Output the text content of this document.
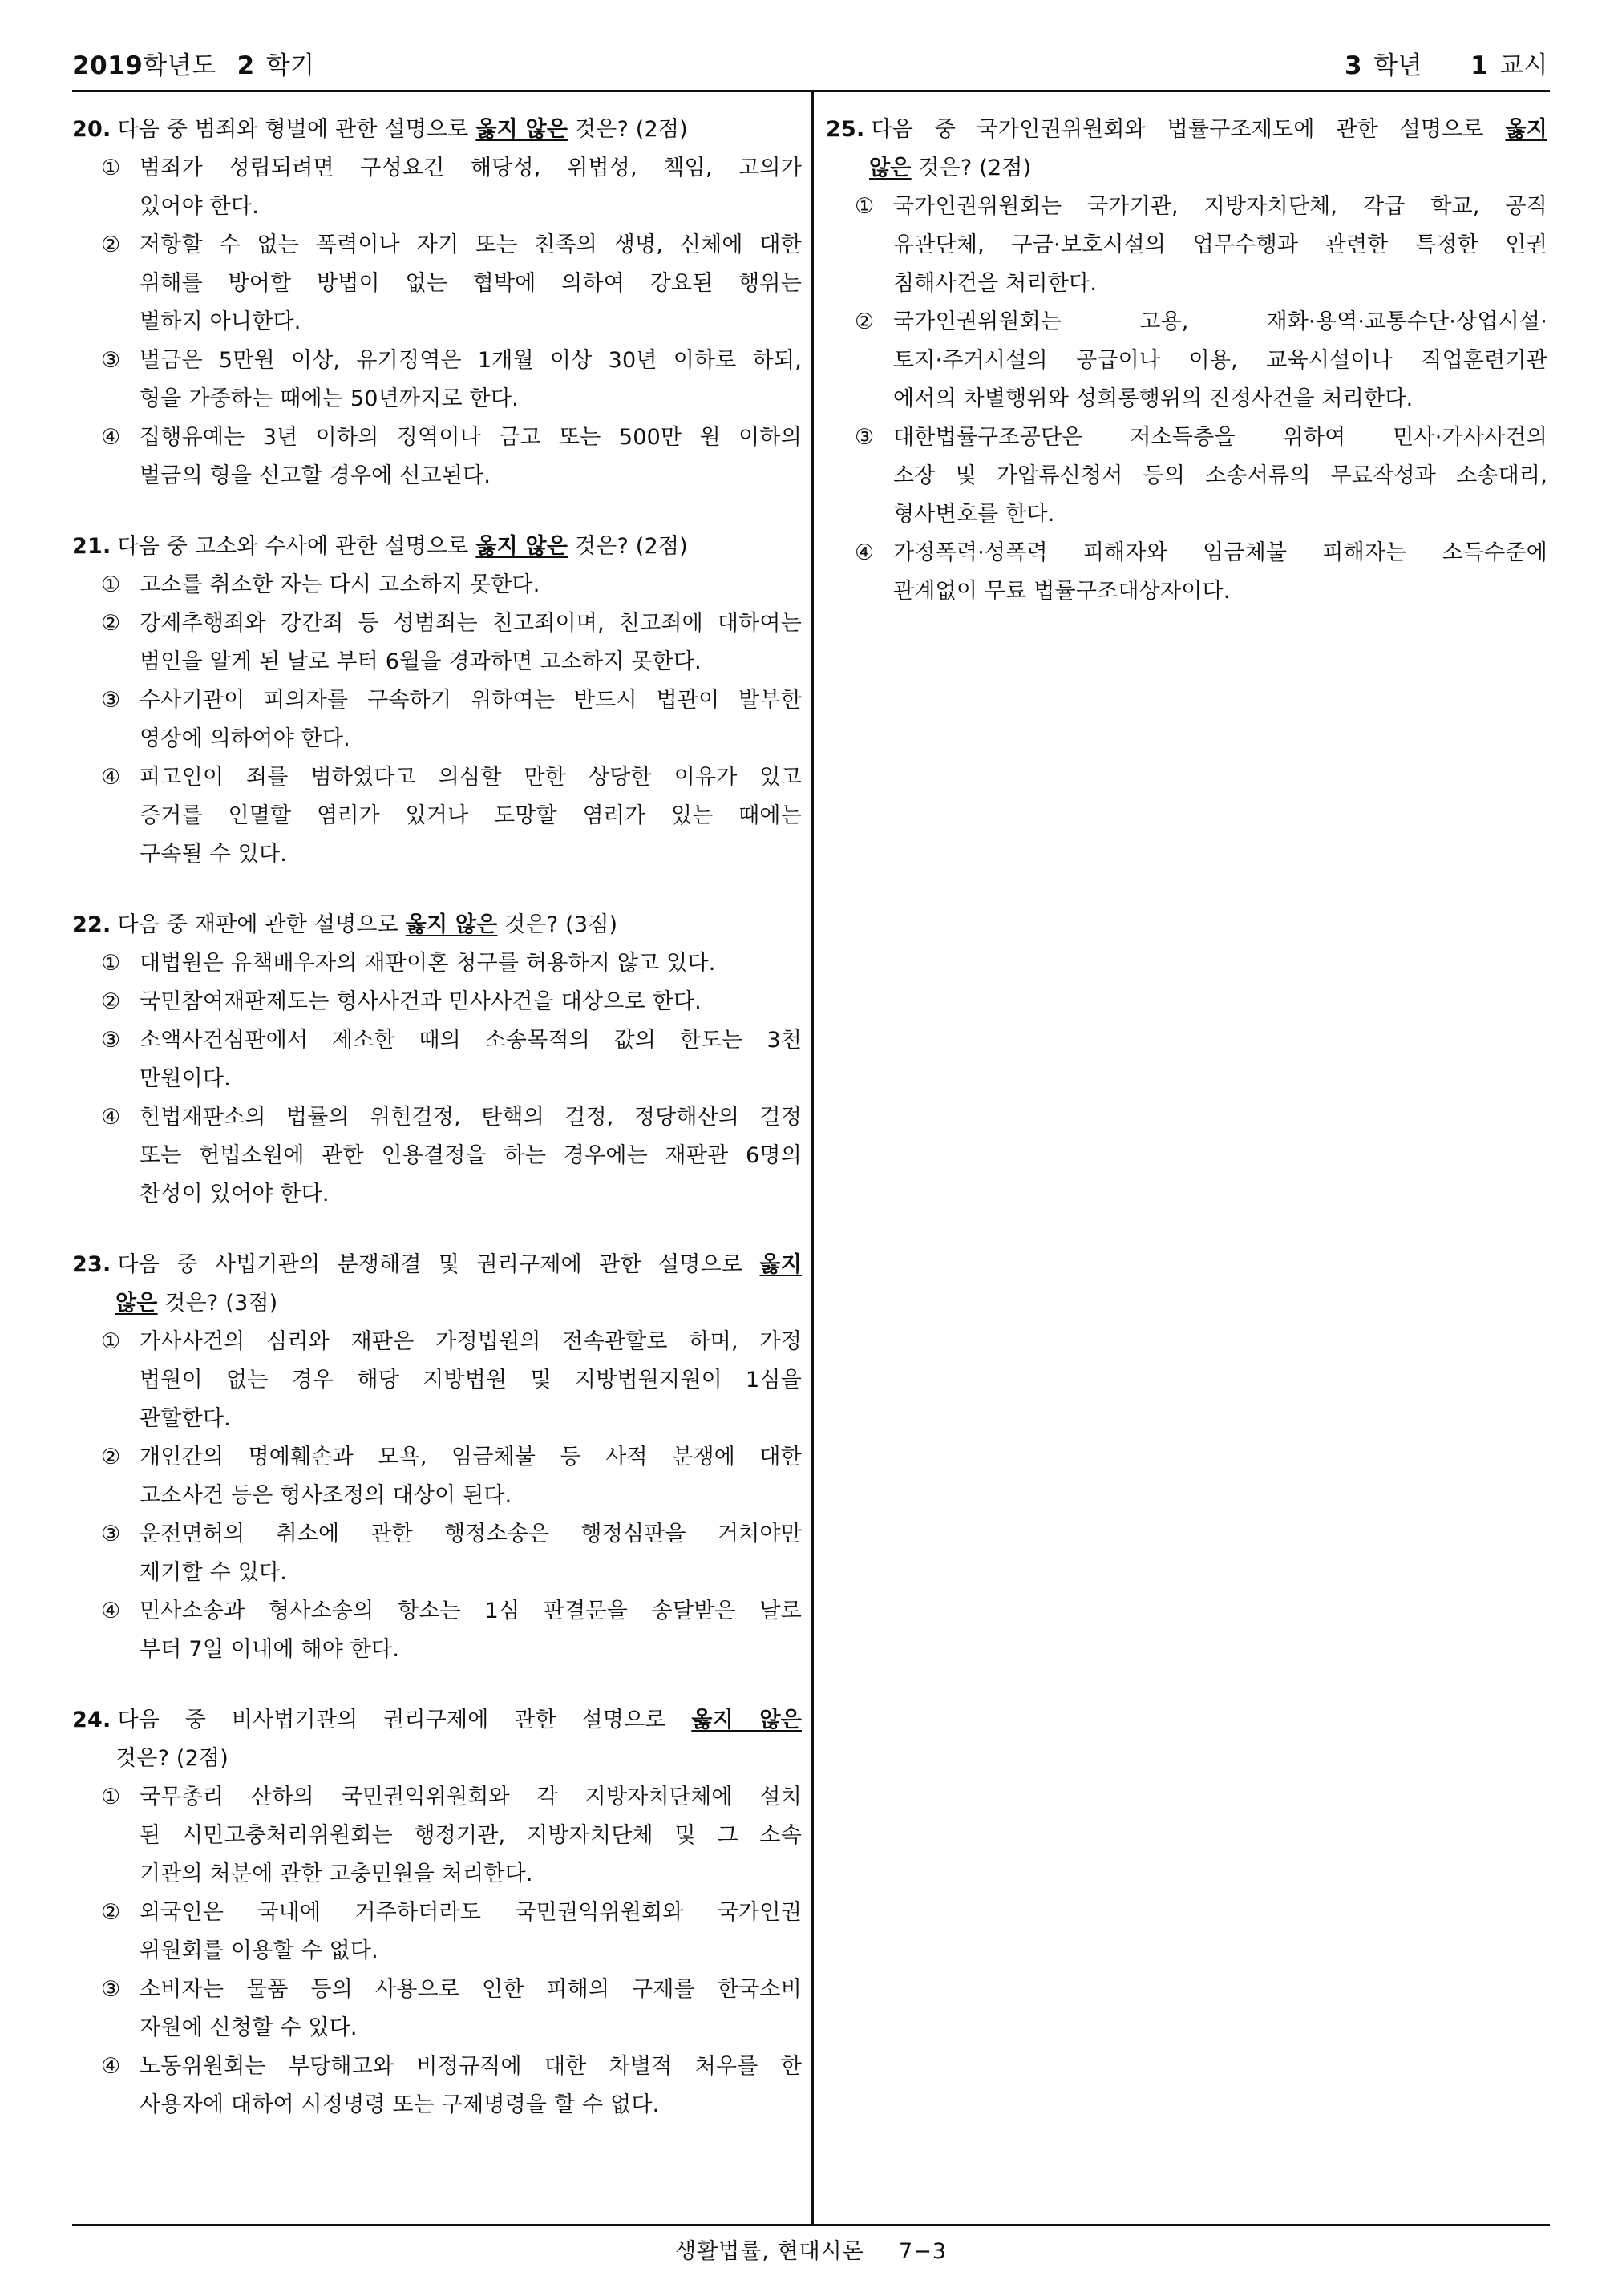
2019학년도 2 학기	3 학년 1 교시
20. 다음 중 범죄와 형벌에 관한 설명으로 옳지 않은 것은? (2점)
① 범죄가 성립되려면 구성요건 해당성, 위법성, 책임, 고의가
있어야 한다.
② 저항할 수 없는 폭력이나 자기 또는 친족의 생명, 신체에 대한
위해를 방어할 방법이 없는 협박에 의하여 강요된 행위는
벌하지 아니한다.
③ 벌금은 5만원 이상, 유기징역은 1개월 이상 30년 이하로 하되,
형을 가중하는 때에는 50년까지로 한다.
④ 집행유예는 3년 이하의 징역이나 금고 또는 500만 원 이하의
벌금의 형을 선고할 경우에 선고된다.
21. 다음 중 고소와 수사에 관한 설명으로 옳지 않은 것은? (2점)
① 고소를 취소한 자는 다시 고소하지 못한다.
② 강제추행죄와 강간죄 등 성범죄는 친고죄이며, 친고죄에 대하여는
범인을 알게 된 날로 부터 6월을 경과하면 고소하지 못한다.
③ 수사기관이 피의자를 구속하기 위하여는 반드시 법관이 발부한
영장에 의하여야 한다.
④ 피고인이 죄를 범하였다고 의심할 만한 상당한 이유가 있고
증거를 인멸할 염려가 있거나 도망할 염려가 있는 때에는
구속될 수 있다.
22. 다음 중 재판에 관한 설명으로 옳지 않은 것은? (3점)
① 대법원은 유책배우자의 재판이혼 청구를 허용하지 않고 있다.
② 국민참여재판제도는 형사사건과 민사사건을 대상으로 한다.
③ 소액사건심판에서 제소한 때의 소송목적의 값의 한도는 3천
만원이다.
④ 헌법재판소의 법률의 위헌결정, 탄핵의 결정, 정당해산의 결정
또는 헌법소원에 관한 인용결정을 하는 경우에는 재판관 6명의
찬성이 있어야 한다.
23. 다음 중 사법기관의 분쟁해결 및 권리구제에 관한 설명으로 옳지
않은 것은? (3점)
① 가사사건의 심리와 재판은 가정법원의 전속관할로 하며, 가정
법원이 없는 경우 해당 지방법원 및 지방법원지원이 1심을
관할한다.
② 개인간의 명예훼손과 모욕, 임금체불 등 사적 분쟁에 대한
고소사건 등은 형사조정의 대상이 된다.
③ 운전면허의 취소에 관한 행정소송은 행정심판을 거쳐야만
제기할 수 있다.
④ 민사소송과 형사소송의 항소는 1심 판결문을 송달받은 날로
부터 7일 이내에 해야 한다.
24. 다음 중 비사법기관의 권리구제에 관한 설명으로 옳지 않은
것은? (2점)
① 국무총리 산하의 국민권익위원회와 각 지방자치단체에 설치
된 시민고충처리위원회는 행정기관, 지방자치단체 및 그 소속
기관의 처분에 관한 고충민원을 처리한다.
② 외국인은 국내에 거주하더라도 국민권익위원회와 국가인권
위원회를 이용할 수 없다.
③ 소비자는 물품 등의 사용으로 인한 피해의 구제를 한국소비
자원에 신청할 수 있다.
④ 노동위원회는 부당해고와 비정규직에 대한 차별적 처우를 한
사용자에 대하여 시정명령 또는 구제명령을 할 수 없다.
25. 다음 중 국가인권위원회와 법률구조제도에 관한 설명으로 옳지
않은 것은? (2점)
① 국가인권위원회는 국가기관, 지방자치단체, 각급 학교, 공직
유관단체, 구금·보호시설의 업무수행과 관련한 특정한 인권
침해사건을 처리한다.
② 국가인권위원회는 고용, 재화·용역·교통수단·상업시설·
토지·주거시설의 공급이나 이용, 교육시설이나 직업훈련기관
에서의 차별행위와 성희롱행위의 진정사건을 처리한다.
③ 대한법률구조공단은 저소득층을 위하여 민사·가사사건의
소장 및 가압류신청서 등의 소송서류의 무료작성과 소송대리,
형사변호를 한다.
④ 가정폭력·성폭력 피해자와 임금체불 피해자는 소득수준에
관계없이 무료 법률구조대상자이다.
생활법률, 현대시론 7−3
